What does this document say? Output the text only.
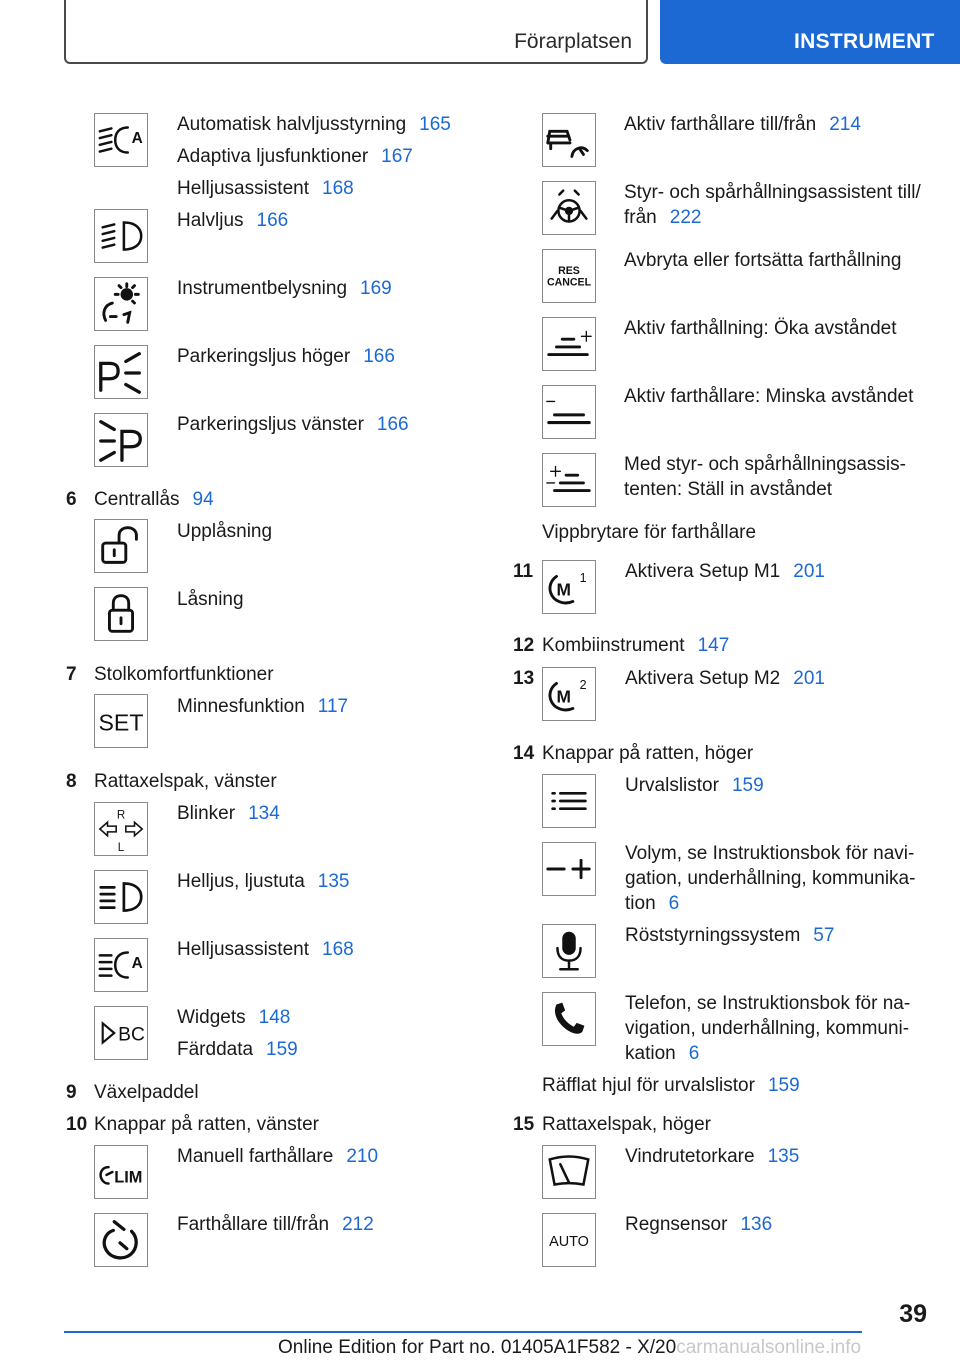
Förarplatsen	INSTRUMENT
A
Automatisk halvljusstyrning 165
Adaptiva ljusfunktioner 167
Helljusassistent 168
Halvljus 166
Instrumentbelysning 169
Parkeringsljus höger 166
Parkeringsljus vänster 166
6 Centrallås 94
Upplåsning
Låsning
7 Stolkomfortfunktioner
SET
Minnesfunktion 117
8 Rattaxelspak, vänster
R
L
Blinker 134
Helljus, ljustuta 135
A
Helljusassistent 168
BC
Widgets 148
Färddata 159
9 Växelpaddel
10 Knappar på ratten, vänster
LIM
Manuell farthållare 210
Farthållare till/från 212
Aktiv farthållare till/från 214
Styr- och spårhållningsassistent till/
från 222
RES
CANCEL
Avbryta eller fortsätta farthållning
Aktiv farthållning: Öka avståndet
Aktiv farthållare: Minska avståndet
Med styr- och spårhållningsassis-
tenten: Ställ in avståndet
Vippbrytare för farthållare
11
M
1 Aktivera Setup M1 201
12 Kombiinstrument 147
13
M
2 Aktivera Setup M2 201
14 Knappar på ratten, höger
Urvalslistor 159
Volym, se Instruktionsbok för navi-
gation, underhållning, kommunika-
tion 6
Röststyrningssystem 57
Telefon, se Instruktionsbok för na-
vigation, underhållning, kommuni-
kation 6
Räfflat hjul för urvalslistor 159
15 Rattaxelspak, höger
Vindrutetorkare 135
AUTO
Regnsensor 136
39
Online Edition for Part no. 01405A1F582 - X/20carmanualsonline.info
